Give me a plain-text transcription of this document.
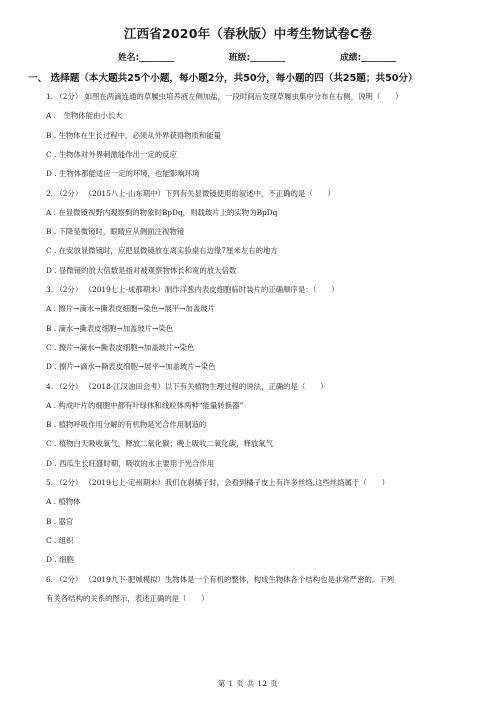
江西省2020年（春秋版）中考生物试卷C卷
姓名:________	班级:________	成绩:________
一、 选择题（本大题共25个小题，每小题2分，共50分，每小题的四（共25题；共50分）
1. （2分） 如图在两滴连通的草履虫培养液左侧加盐，一段时间后发现草履虫集中分布在右侧，说明（　　）
A .　生物体能由小长大
B . 生物体在生长过程中，必须从外界获得物质和能量
C . 生物体对外界刺激能作出一定的反应
D . 生物体都能适应一定的环境，也能影响环境
2. （2分） （2015八上·山东期中）下列有关显微镜使用的叙述中，不正确的是（　　）
A . 在显微镜视野内观察到的物象时BpDq，则载玻片上的实物为BpDq
B . 下降显微镜时，眼睛应从侧面注视物镜
C . 在安放显微镜时，应把显微镜放在离实验桌右边缘7厘米左右的地方
D . 显微镜的放大倍数是指对被观察物体长和宽的放大倍数
3. （2分） （2019七上·成都期末）制作洋葱内表皮细胞临时装片的正确顺序是：（　　）
A . 擦片→滴水→撕表皮细胞→染色→展平→加盖玻片
B . 滴水→撕表皮细胞→加盖玻片→染色
C . 擦片→滴水→撕表皮细胞→加盖玻片→染色
D . 擦片→滴水→撕表皮细胞→展平→加盖玻片→染色
4. （2分） （2018·江汉油田会考）以下有关植物生理过程的说法，正确的是（　　）
A . 构成叶片的细胞中都有叶绿体和线粒体两种“能量转换器”
B . 植物呼吸作用分解的有机物是光合作用制造的
C . 植物白天吸收氧气，释放二氧化碳；晚上吸收二氧化碳，释放氧气
D . 西瓜生长旺盛时期，吸收的水主要用于光合作用
5. （2分） （2019七上·定州期末）我们在剥橘子时，会看到橘子皮上有许多丝络,这些丝络属于（　　）
A . 植物体
B . 器官
C . 组织
D . 细胞
6. （2分） （2019九下·肥城模拟）生物体是一个有机的整体，构成生物体各个结构也是非常严密的。下列
有关各结构的关系的图示，表述正确的是（　　）
第 1 页 共 12 页
